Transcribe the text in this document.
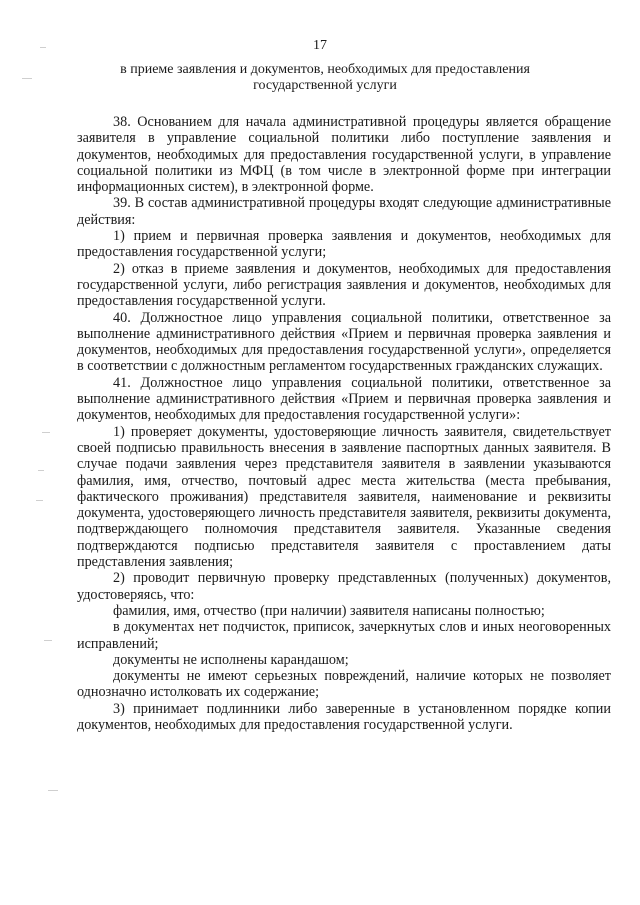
17
в приеме заявления и документов, необходимых для предоставления
государственной услуги

38. Основанием для начала административной процедуры является обращение заявителя в управление социальной политики либо поступление заявления и документов, необходимых для предоставления государственной услуги, в управление социальной политики из МФЦ (в том числе в электронной форме при интеграции информационных систем), в электронной форме.

39. В состав административной процедуры входят следующие административные действия:

1) прием и первичная проверка заявления и документов, необходимых для предоставления государственной услуги;

2) отказ в приеме заявления и документов, необходимых для предоставления государственной услуги, либо регистрация заявления и документов, необходимых для предоставления государственной услуги.

40. Должностное лицо управления социальной политики, ответственное за выполнение административного действия «Прием и первичная проверка заявления и документов, необходимых для предоставления государственной услуги», определяется в соответствии с должностным регламентом государственных гражданских служащих.

41. Должностное лицо управления социальной политики, ответственное за выполнение административного действия «Прием и первичная проверка заявления и документов, необходимых для предоставления государственной услуги»:

1) проверяет документы, удостоверяющие личность заявителя, свидетельствует своей подписью правильность внесения в заявление паспортных данных заявителя. В случае подачи заявления через представителя заявителя в заявлении указываются фамилия, имя, отчество, почтовый адрес места жительства (места пребывания, фактического проживания) представителя заявителя, наименование и реквизиты документа, удостоверяющего личность представителя заявителя, реквизиты документа, подтверждающего полномочия представителя заявителя. Указанные сведения подтверждаются подписью представителя заявителя с проставлением даты представления заявления;

2) проводит первичную проверку представленных (полученных) документов, удостоверяясь, что:

фамилия, имя, отчество (при наличии) заявителя написаны полностью;

в документах нет подчисток, приписок, зачеркнутых слов и иных неоговоренных исправлений;

документы не исполнены карандашом;

документы не имеют серьезных повреждений, наличие которых не позволяет однозначно истолковать их содержание;

3) принимает подлинники либо заверенные в установленном порядке копии документов, необходимых для предоставления государственной услуги.
